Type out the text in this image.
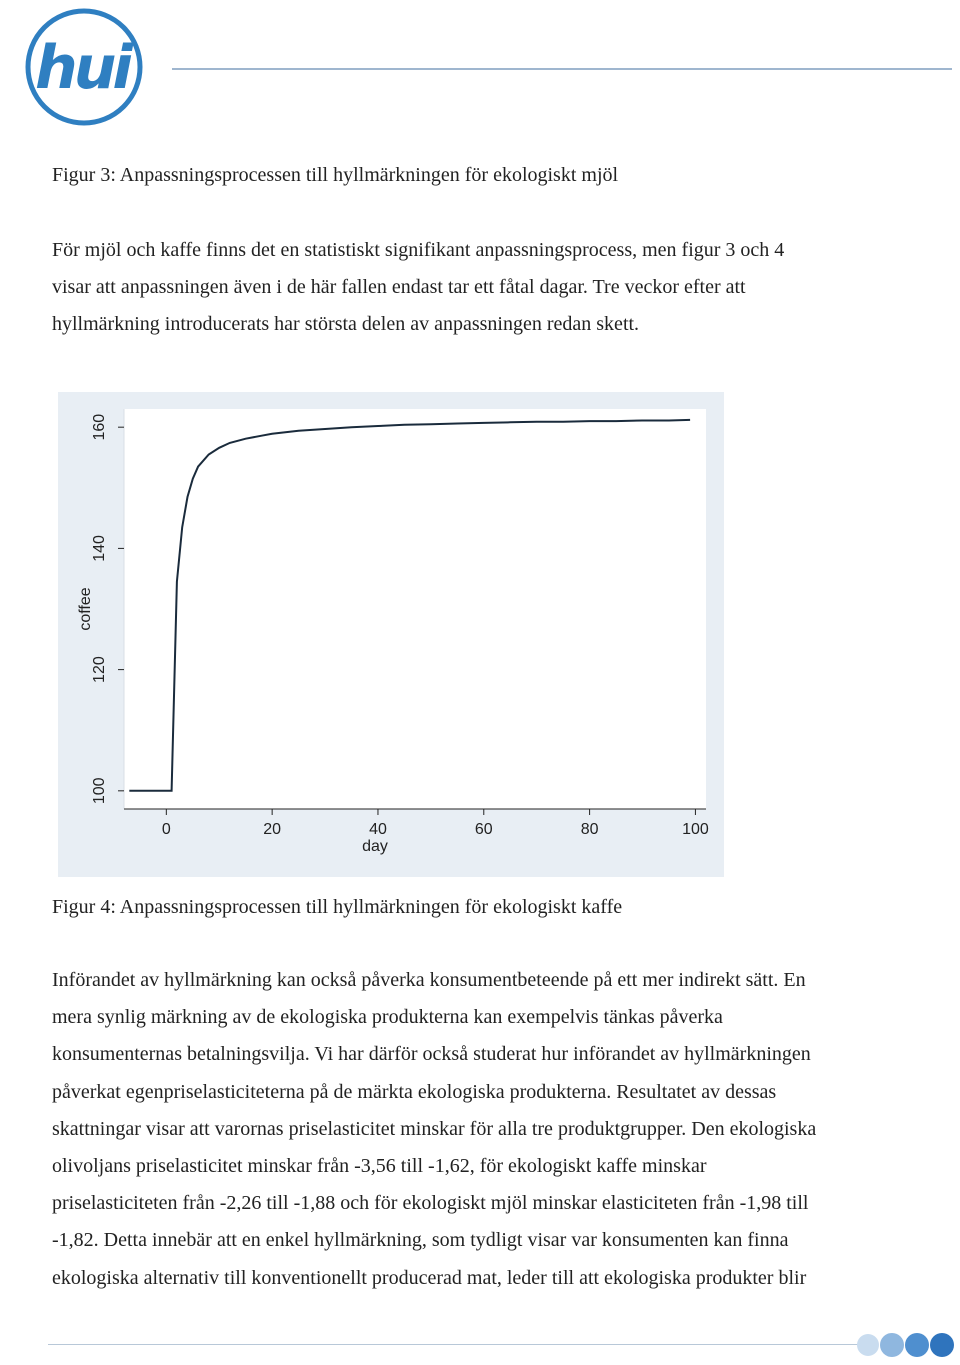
hui
Figur 3: Anpassningsprocessen till hyllmärkningen för ekologiskt mjöl
För mjöl och kaffe finns det en statistiskt signifikant anpassningsprocess, men figur 3 och 4
visar att anpassningen även i de här fallen endast tar ett fåtal dagar. Tre veckor efter att
hyllmärkning introducerats har största delen av anpassningen redan skett.
100
120
140
160
0	20	40	60	80	100
day
coffee
Figur 4: Anpassningsprocessen till hyllmärkningen för ekologiskt kaffe
Införandet av hyllmärkning kan också påverka konsumentbeteende på ett mer indirekt sätt. En
mera synlig märkning av de ekologiska produkterna kan exempelvis tänkas påverka
konsumenternas betalningsvilja. Vi har därför också studerat hur införandet av hyllmärkningen
påverkat egenpriselasticiteterna på de märkta ekologiska produkterna. Resultatet av dessas
skattningar visar att varornas priselasticitet minskar för alla tre produktgrupper. Den ekologiska
olivoljans priselasticitet minskar från -3,56 till -1,62, för ekologiskt kaffe minskar
priselasticiteten från -2,26 till -1,88 och för ekologiskt mjöl minskar elasticiteten från -1,98 till
-1,82. Detta innebär att en enkel hyllmärkning, som tydligt visar var konsumenten kan finna
ekologiska alternativ till konventionellt producerad mat, leder till att ekologiska produkter blir
